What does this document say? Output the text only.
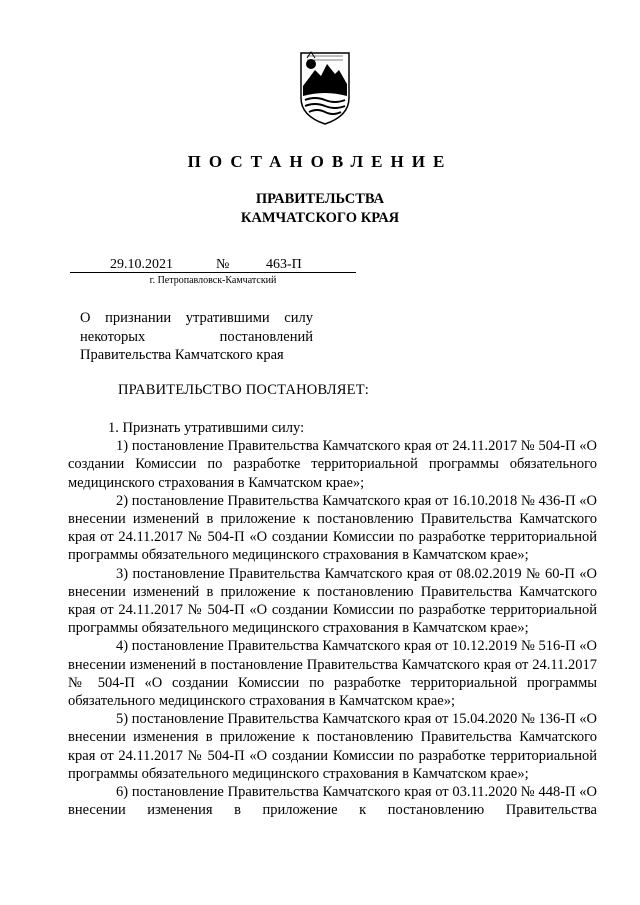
ПОСТАНОВЛЕНИЕ
ПРАВИТЕЛЬСТВА
КАМЧАТСКОГО КРАЯ
29.10.2021	№	463-П
г. Петропавловск-Камчатский
О признании утратившими силу некоторых постановлений
Правительства Камчатского края
ПРАВИТЕЛЬСТВО ПОСТАНОВЛЯЕТ:

1. Признать утратившими силу:

1) постановление Правительства Камчатского края от 24.11.2017 № 504-П «О создании Комиссии по разработке территориальной программы обязательного медицинского страхования в Камчатском крае»;

2) постановление Правительства Камчатского края от 16.10.2018 № 436-П «О внесении изменений в приложение к постановлению Правительства Камчатского края от 24.11.2017 № 504-П «О создании Комиссии по разработке территориальной программы обязательного медицинского страхования в Камчатском крае»;

3) постановление Правительства Камчатского края от 08.02.2019 № 60-П «О внесении изменений в приложение к постановлению Правительства Камчатского края от 24.11.2017 № 504-П «О создании Комиссии по разработке территориальной программы обязательного медицинского страхования в Камчатском крае»;

4) постановление Правительства Камчатского края от 10.12.2019 № 516-П «О внесении изменений в постановление Правительства Камчатского края от 24.11.2017 № 504-П «О создании Комиссии по разработке территориальной программы обязательного медицинского страхования в Камчатском крае»;

5) постановление Правительства Камчатского края от 15.04.2020 № 136-П «О внесении изменения в приложение к постановлению Правительства Камчатского края от 24.11.2017 № 504-П «О создании Комиссии по разработке территориальной программы обязательного медицинского страхования в Камчатском крае»;

6) постановление Правительства Камчатского края от 03.11.2020 № 448-П «О внесении изменения в приложение к постановлению Правительства
